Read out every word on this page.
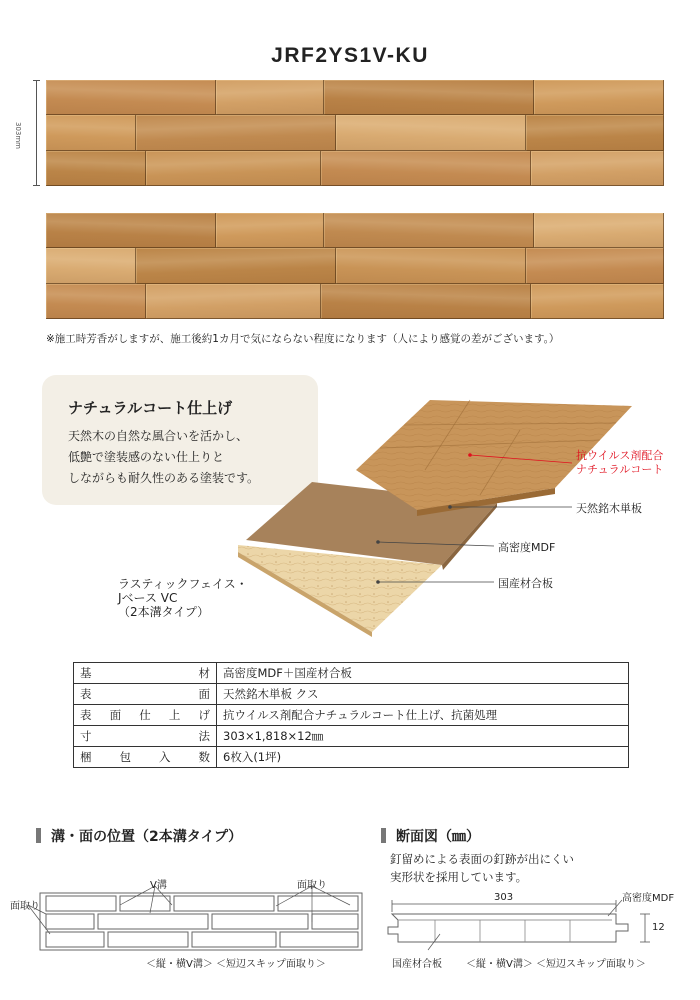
JRF2YS1V-KU
303mm
※施工時芳香がしますが、施工後約1カ月で気にならない程度になります（人により感覚の差がございます。）
ナチュラルコート仕上げ
天然木の自然な風合いを活かし、
低艶で塗装感のない仕上りと
しながらも耐久性のある塗装です。
抗ウイルス剤配合
ナチュラルコート
天然銘木単板
高密度MDF
国産材合板
ラスティックフェイス・
Jベース VC
（2本溝タイプ）
基 材	高密度MDF＋国産材合板

表 面	天然銘木単板 クス

表 面 仕 上 げ	抗ウイルス剤配合ナチュラルコート仕上げ、抗菌処理

寸 法	303×1,818×12㎜

梱 包 入 数	6枚入(1坪)
溝・面の位置（2本溝タイプ）
面取り
V溝	面取り
＜縦・横V溝＞ ＜短辺スキップ面取り＞
断面図（㎜）
釘留めによる表面の釘跡が出にくい
実形状を採用しています。
303
12
高密度MDF
国産材合板 ＜縦・横V溝＞ ＜短辺スキップ面取り＞
